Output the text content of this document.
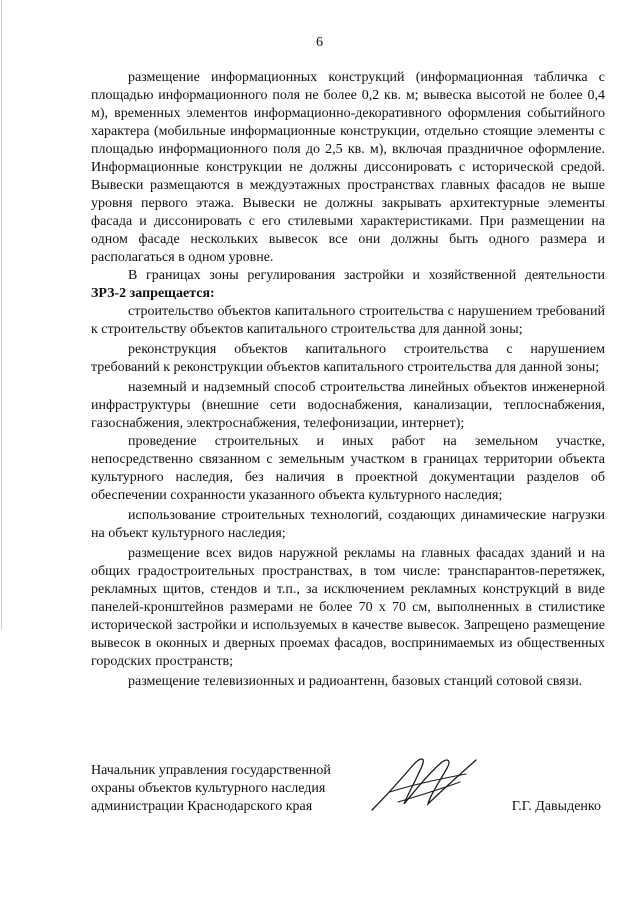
6

размещение информационных конструкций (информационная табличка с площадью информационного поля не более 0,2 кв. м; вывеска высотой не более 0,4 м), временных элементов информационно-декоративного оформления событийного характера (мобильные информационные конструкции, отдельно стоящие элементы с площадью информационного поля до 2,5 кв. м), включая праздничное оформление. Информационные конструкции не должны диссонировать с исторической средой. Вывески размещаются в междуэтажных пространствах главных фасадов не выше уровня первого этажа. Вывески не должны закрывать архитектурные элементы фасада и диссонировать с его стилевыми характеристиками. При размещении на одном фасаде нескольких вывесок все они должны быть одного размера и располагаться в одном уровне.

В границах зоны регулирования застройки и хозяйственной деятельности ЗРЗ-2 запрещается:

строительство объектов капитального строительства с нарушением требований к строительству объектов капитального строительства для данной зоны;

реконструкция объектов капитального строительства с нарушением требований к реконструкции объектов капитального строительства для данной зоны;

наземный и надземный способ строительства линейных объектов инженерной инфраструктуры (внешние сети водоснабжения, канализации, теплоснабжения, газоснабжения, электроснабжения, телефонизации, интернет);

проведение строительных и иных работ на земельном участке, непосредственно связанном с земельным участком в границах территории объекта культурного наследия, без наличия в проектной документации разделов об обеспечении сохранности указанного объекта культурного наследия;

использование строительных технологий, создающих динамические нагрузки на объект культурного наследия;

размещение всех видов наружной рекламы на главных фасадах зданий и на общих градостроительных пространствах, в том числе: транспарантов-перетяжек, рекламных щитов, стендов и т.п., за исключением рекламных конструкций в виде панелей-кронштейнов размерами не более 70 х 70 см, выполненных в стилистике исторической застройки и используемых в качестве вывесок. Запрещено размещение вывесок в оконных и дверных проемах фасадов, воспринимаемых из общественных городских пространств;

размещение телевизионных и радиоантенн, базовых станций сотовой связи.

Начальник управления государственной
охраны объектов культурного наследия
администрации Краснодарского края	Г.Г. Давыденко
